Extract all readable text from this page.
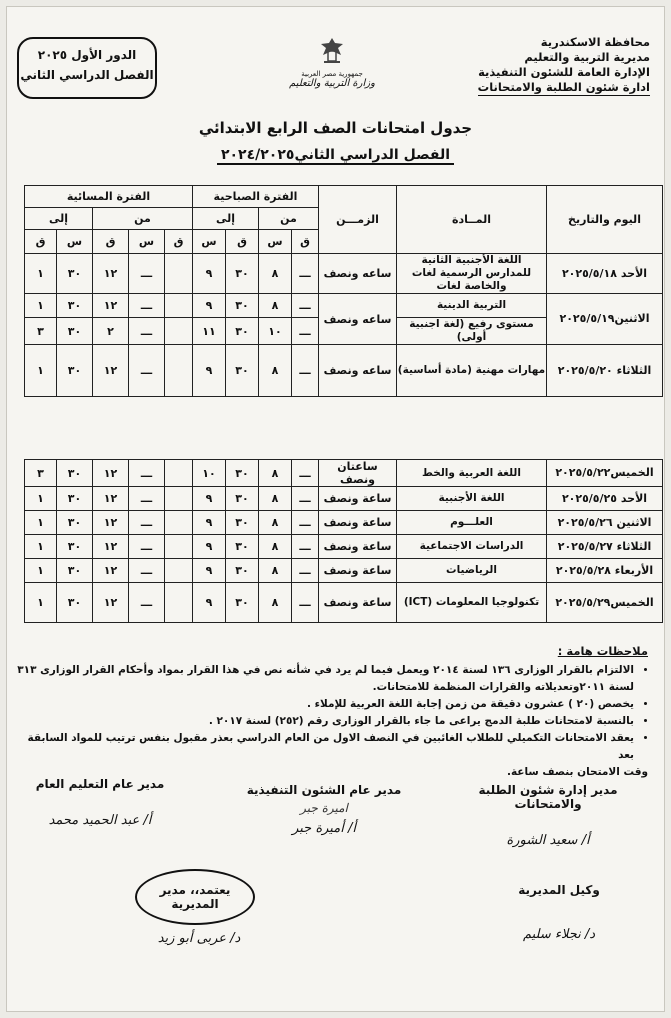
محافظة الاسكندرية
مديرية التربية والتعليم
الإدارة العامة للشئون التنفيذية
ادارة شئون الطلبة والامتحانات
جمهورية مصر العربية
وزارة التربية والتعليم
الدور الأول ٢٠٢٥
الفصل الدراسي الثاني
جدول امتحانات الصف الرابع الابتدائي
الفصل الدراسي الثاني٢٠٢٤/٢٠٢٥
اليوم والتاريخ	المــادة	الزمـــن	الفترة الصباحية				الفترة المسائية				
			من		إلى		من			إلى	
			ق	س	ق	س	ق	س	ق	س	ق
الأحد ٢٠٢٥/٥/١٨	اللغة الأجنبية الثانية للمدارس الرسمية لغات والخاصة لغات	ساعه ونصف	ـــ	٨	٣٠	٩		ـــ	١٢	٣٠	١
الاثنين٢٠٢٥/٥/١٩	التربية الدينية	ساعه ونصف	ـــ	٨	٣٠	٩		ـــ	١٢	٣٠	١
	مستوى رفيع (لغة اجنبية أولى)		ـــ	١٠	٣٠	١١		ـــ	٢	٣٠	٣
الثلاثاء ٢٠٢٥/٥/٢٠	مهارات مهنية (مادة أساسية)	ساعه ونصف	ـــ	٨	٣٠	٩		ـــ	١٢	٣٠	١
الخميس٢٠٢٥/٥/٢٢	اللغة العربية والخط	ساعتان ونصف	ـــ	٨	٣٠	١٠		ـــ	١٢	٣٠	٣
الأحد ٢٠٢٥/٥/٢٥	اللغة الأجنبية	ساعة ونصف	ـــ	٨	٣٠	٩		ـــ	١٢	٣٠	١
الاثنين ٢٠٢٥/٥/٢٦	العلـــوم	ساعة ونصف	ـــ	٨	٣٠	٩		ـــ	١٢	٣٠	١
الثلاثاء ٢٠٢٥/٥/٢٧	الدراسات الاجتماعية	ساعة ونصف	ـــ	٨	٣٠	٩		ـــ	١٢	٣٠	١
الأربعاء ٢٠٢٥/٥/٢٨	الرياضيات	ساعة ونصف	ـــ	٨	٣٠	٩		ـــ	١٢	٣٠	١
الخميس٢٠٢٥/٥/٢٩	تكنولوجيا المعلومات (ICT)	ساعة ونصف	ـــ	٨	٣٠	٩		ـــ	١٢	٣٠	١
ملاحظات هامة :
• الالتزام بالقرار الوزارى ١٣٦ لسنة ٢٠١٤ ويعمل فيما لم يرد في شأنه نص في هذا القرار بمواد وأحكام القرار الوزارى ٣١٣ لسنة ٢٠١١وتعديلاته والقرارات المنظمة للامتحانات.
• يخصص (٢٠ ) عشرون دقيقة من زمن إجابة اللغة العربية للإملاء .
• بالنسبة لامتحانات طلبة الدمج يراعى ما جاء بالقرار الوزارى رقم (٢٥٢) لسنة ٢٠١٧ .
• يعقد الامتحانات التكميلي للطلاب الغائبين في النصف الاول من العام الدراسي بعذر مقبول بنفس ترتيب للمواد السابقة بعد
وقت الامتحان بنصف ساعة.
مدير إدارة شئون الطلبة والامتحانات
أ/ سعيد الشورة
مدير عام الشئون التنفيذية
اميرة جبر
أ/ أميرة جبر
مدير عام التعليم العام
أ/ عبد الحميد محمد
وكيل المديرية
د/ نجلاء سليم
يعتمد،، مدير المديرية
د/ عربى أبو زيد
